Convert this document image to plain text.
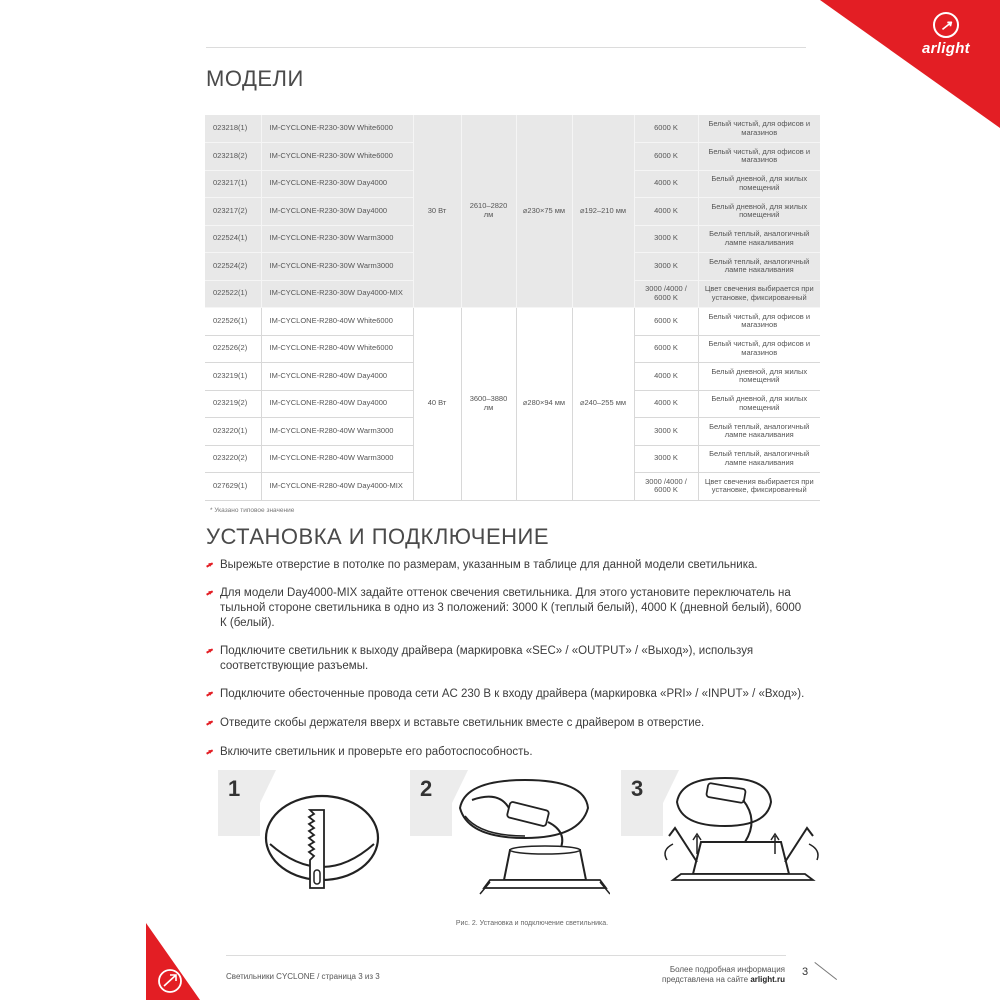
↗
arlight
МОДЕЛИ
023218(1)	IM-CYCLONE-R230-30W White6000	30 Вт	2610–2820 лм	⌀230×75 мм	⌀192–210 мм	6000 K	Белый чистый, для офисов и магазинов
023218(2)	IM-CYCLONE-R230-30W White6000					6000 K	Белый чистый, для офисов и магазинов
023217(1)	IM-CYCLONE-R230-30W Day4000					4000 K	Белый дневной, для жилых помещений
023217(2)	IM-CYCLONE-R230-30W Day4000					4000 K	Белый дневной, для жилых помещений
022524(1)	IM-CYCLONE-R230-30W Warm3000					3000 K	Белый теплый, аналогичный лампе накаливания
022524(2)	IM-CYCLONE-R230-30W Warm3000					3000 K	Белый теплый, аналогичный лампе накаливания
022522(1)	IM-CYCLONE-R230-30W Day4000-MIX					3000 /4000 / 6000 K	Цвет свечения выбирается при установке, фиксированный
022526(1)	IM-CYCLONE-R280-40W White6000	40 Вт	3600–3880 лм	⌀280×94 мм	⌀240–255 мм	6000 K	Белый чистый, для офисов и магазинов
022526(2)	IM-CYCLONE-R280-40W White6000					6000 K	Белый чистый, для офисов и магазинов
023219(1)	IM-CYCLONE-R280-40W Day4000					4000 K	Белый дневной, для жилых помещений
023219(2)	IM-CYCLONE-R280-40W Day4000					4000 K	Белый дневной, для жилых помещений
023220(1)	IM-CYCLONE-R280-40W Warm3000					3000 K	Белый теплый, аналогичный лампе накаливания
023220(2)	IM-CYCLONE-R280-40W Warm3000					3000 K	Белый теплый, аналогичный лампе накаливания
027629(1)	IM-CYCLONE-R280-40W Day4000-MIX					3000 /4000 / 6000 K	Цвет свечения выбирается при установке, фиксированный
* Указано типовое значение
УСТАНОВКА И ПОДКЛЮЧЕНИЕ
Вырежьте отверстие в потолке по размерам, указанным в таблице для данной модели светильника.
Для модели Day4000-MIX задайте оттенок свечения светильника. Для этого установите переключатель на тыльной стороне светильника в одно из 3 положений: 3000 К (теплый белый), 4000 К (дневной белый), 6000 К (белый).
Подключите светильник к выходу драйвера (маркировка «SEC» / «OUTPUT» / «Выход»), используя соответствующие разъемы.
Подключите обесточенные провода сети AC 230 В к входу драйвера (маркировка «PRI» / «INPUT» / «Вход»).
Отведите скобы держателя вверх и вставьте светильник вместе с драйвером в отверстие.
Включите светильник и проверьте его работоспособность.
1	2	3
Рис. 2. Установка и подключение светильника.
Светильники CYCLONE / страница 3 из 3
Более подробная информация
представлена на сайте arlight.ru
3
